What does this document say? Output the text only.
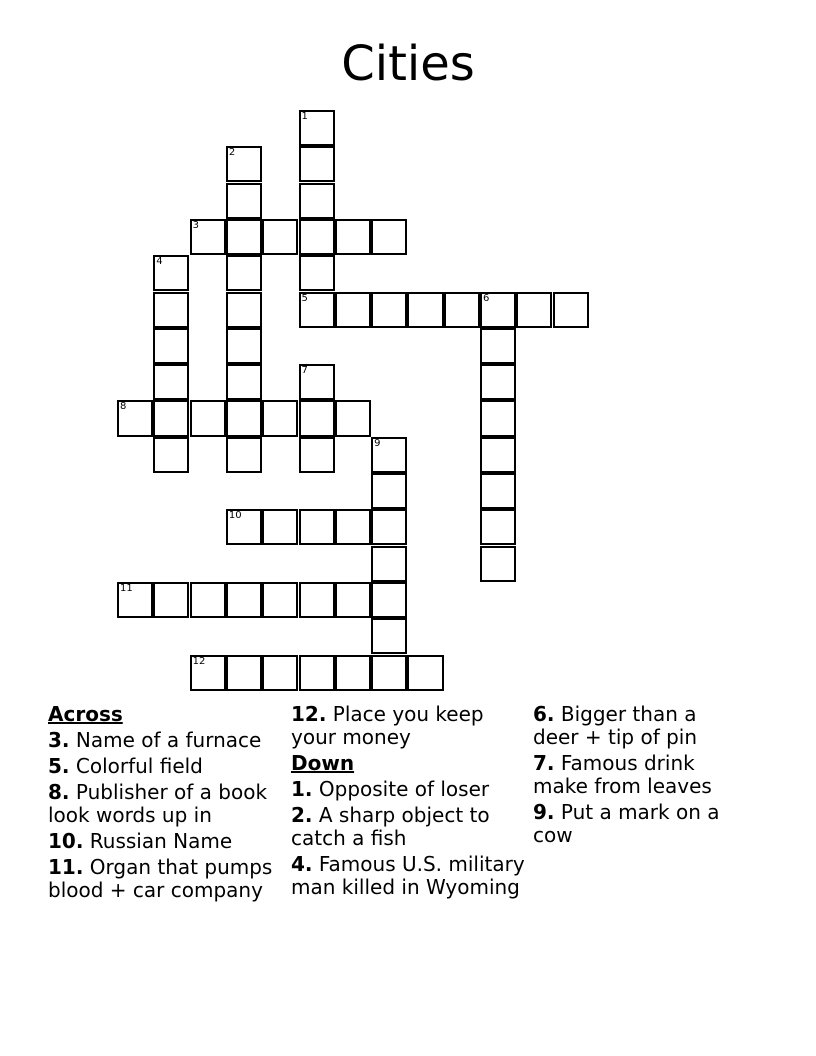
Cities
1
2
3
4
5	6
7
8
9
10
11
12
Across
3. Name of a furnace
5. Colorful field
8. Publisher of a book look words up in
10. Russian Name
11. Organ that pumps blood + car company
12. Place you keep your money
Down
1. Opposite of loser
2. A sharp object to catch a fish
4. Famous U.S. military man killed in Wyoming
6. Bigger than a deer + tip of pin
7. Famous drink make from leaves
9. Put a mark on a cow
